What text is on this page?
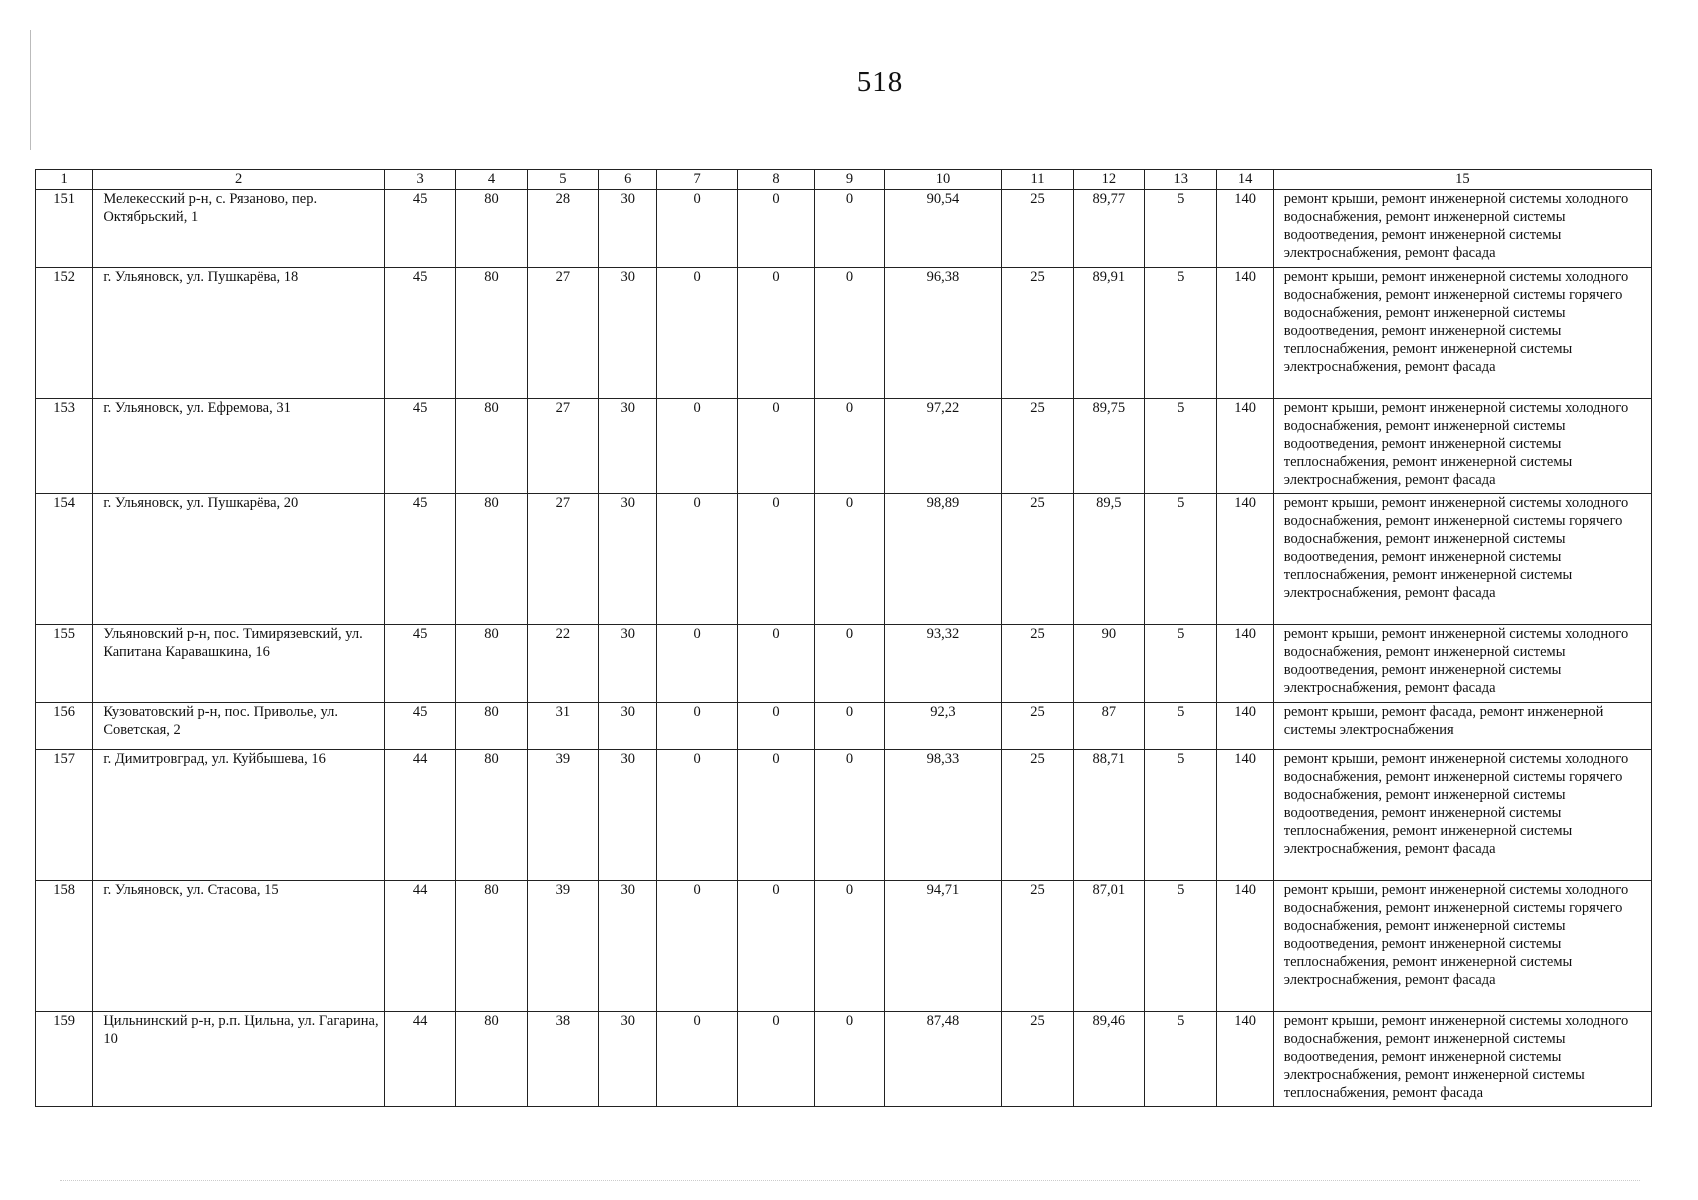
518
1	2	3	4	5	6	7	8	9	10	11	12	13	14	15
151	Мелекесский р-н, с. Рязаново, пер. Октябрьский, 1	45	80	28	30	0	0	0	90,54	25	89,77	5	140	ремонт крыши, ремонт инженерной системы холодного водоснабжения, ремонт инженерной системы водоотведения, ремонт инженерной системы электроснабжения, ремонт фасада
152	г. Ульяновск, ул. Пушкарёва, 18	45	80	27	30	0	0	0	96,38	25	89,91	5	140	ремонт крыши, ремонт инженерной системы холодного водоснабжения, ремонт инженерной системы горячего водоснабжения, ремонт инженерной системы водоотведения, ремонт инженерной системы теплоснабжения, ремонт инженерной системы электроснабжения, ремонт фасада
153	г. Ульяновск, ул. Ефремова, 31	45	80	27	30	0	0	0	97,22	25	89,75	5	140	ремонт крыши, ремонт инженерной системы холодного водоснабжения, ремонт инженерной системы водоотведения, ремонт инженерной системы теплоснабжения, ремонт инженерной системы электроснабжения, ремонт фасада
154	г. Ульяновск, ул. Пушкарёва, 20	45	80	27	30	0	0	0	98,89	25	89,5	5	140	ремонт крыши, ремонт инженерной системы холодного водоснабжения, ремонт инженерной системы горячего водоснабжения, ремонт инженерной системы водоотведения, ремонт инженерной системы теплоснабжения, ремонт инженерной системы электроснабжения, ремонт фасада
155	Ульяновский р-н, пос. Тимирязевский, ул. Капитана Каравашкина, 16	45	80	22	30	0	0	0	93,32	25	90	5	140	ремонт крыши, ремонт инженерной системы холодного водоснабжения, ремонт инженерной системы водоотведения, ремонт инженерной системы электроснабжения, ремонт фасада
156	Кузоватовский р-н, пос. Приволье, ул. Советская, 2	45	80	31	30	0	0	0	92,3	25	87	5	140	ремонт крыши, ремонт фасада, ремонт инженерной системы электроснабжения
157	г. Димитровград, ул. Куйбышева, 16	44	80	39	30	0	0	0	98,33	25	88,71	5	140	ремонт крыши, ремонт инженерной системы холодного водоснабжения, ремонт инженерной системы горячего водоснабжения, ремонт инженерной системы водоотведения, ремонт инженерной системы теплоснабжения, ремонт инженерной системы электроснабжения, ремонт фасада
158	г. Ульяновск, ул. Стасова, 15	44	80	39	30	0	0	0	94,71	25	87,01	5	140	ремонт крыши, ремонт инженерной системы холодного водоснабжения, ремонт инженерной системы горячего водоснабжения, ремонт инженерной системы водоотведения, ремонт инженерной системы теплоснабжения, ремонт инженерной системы электроснабжения, ремонт фасада
159	Цильнинский р-н, р.п. Цильна, ул. Гагарина, 10	44	80	38	30	0	0	0	87,48	25	89,46	5	140	ремонт крыши, ремонт инженерной системы холодного водоснабжения, ремонт инженерной системы водоотведения, ремонт инженерной системы электроснабжения, ремонт инженерной системы теплоснабжения, ремонт фасада
